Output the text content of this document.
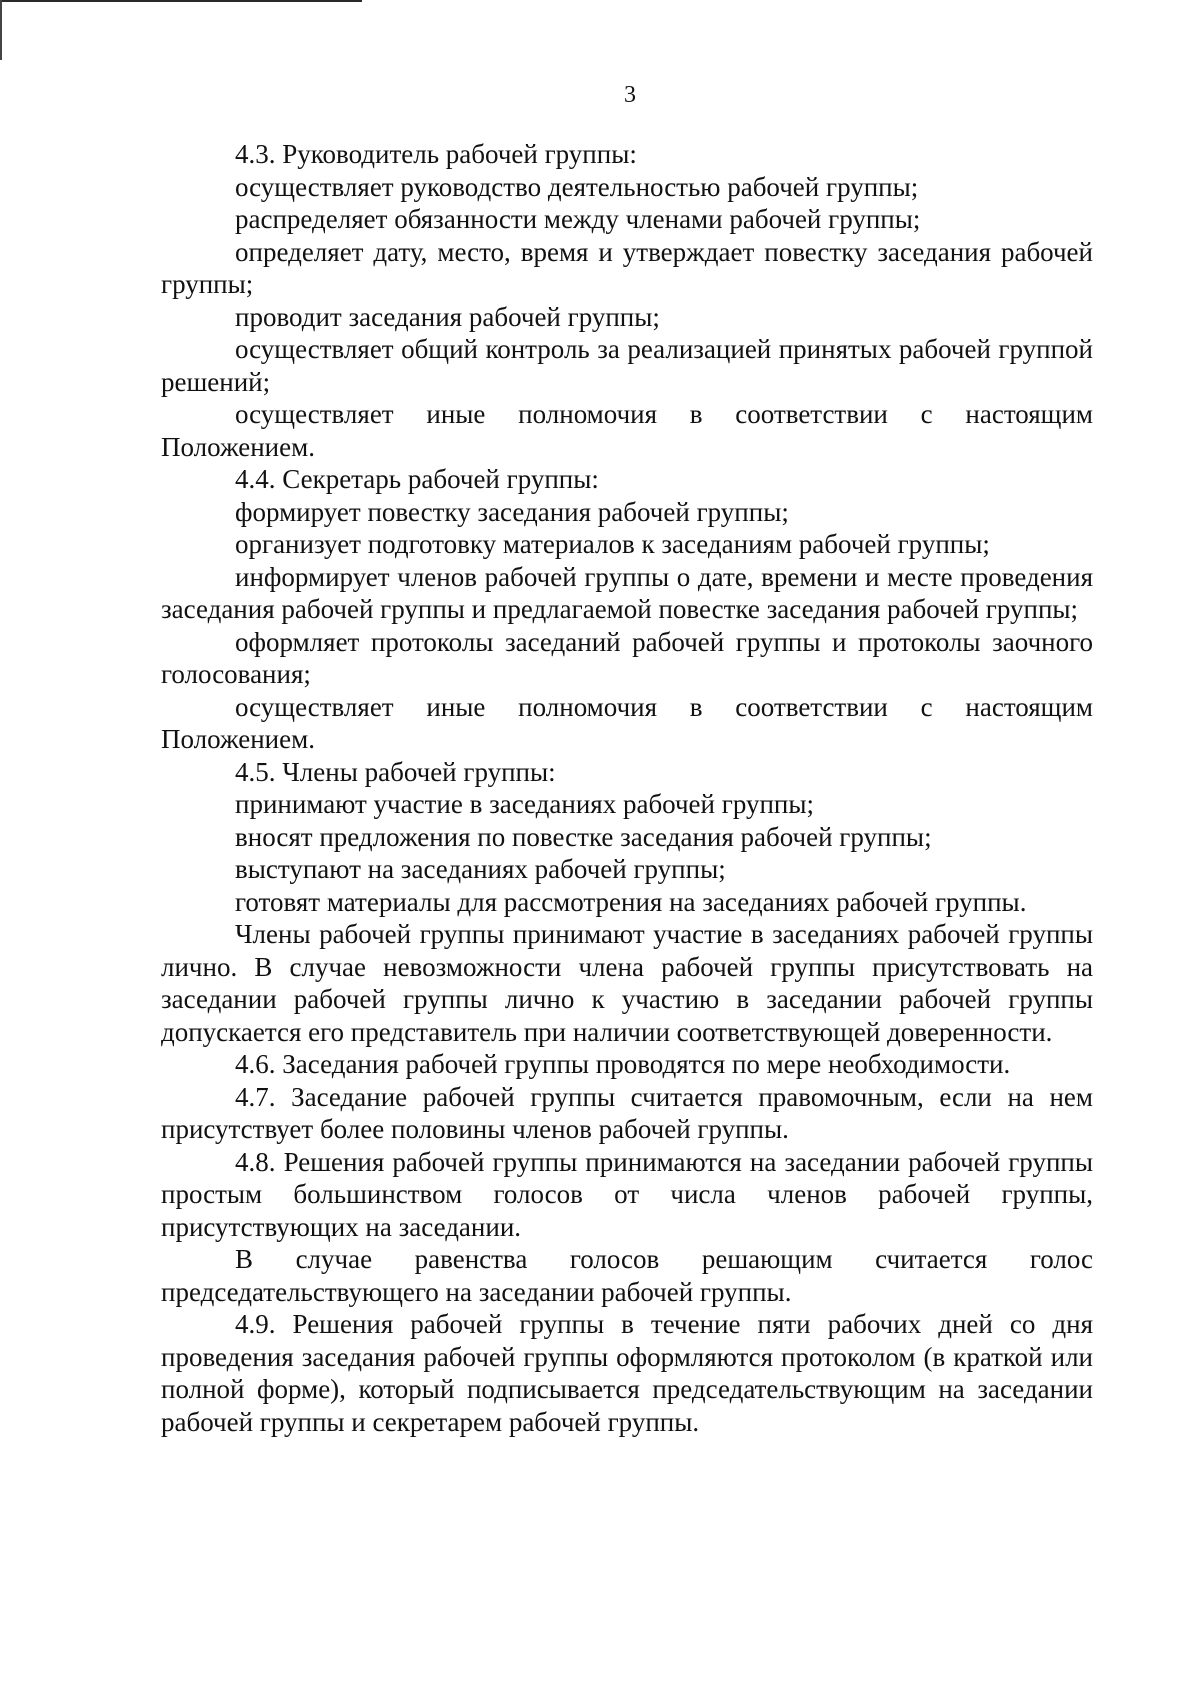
3

4.3. Руководитель рабочей группы:

осуществляет руководство деятельностью рабочей группы;

распределяет обязанности между членами рабочей группы;

определяет дату, место, время и утверждает повестку заседания рабочей группы;

проводит заседания рабочей группы;

осуществляет общий контроль за реализацией принятых рабочей группой решений;

осуществляет иные полномочия в соответствии с настоящим Положением.

4.4. Секретарь рабочей группы:

формирует повестку заседания рабочей группы;

организует подготовку материалов к заседаниям рабочей группы;

информирует членов рабочей группы о дате, времени и месте проведения заседания рабочей группы и предлагаемой повестке заседания рабочей группы;

оформляет протоколы заседаний рабочей группы и протоколы заочного голосования;

осуществляет иные полномочия в соответствии с настоящим Положением.

4.5. Члены рабочей группы:

принимают участие в заседаниях рабочей группы;

вносят предложения по повестке заседания рабочей группы;

выступают на заседаниях рабочей группы;

готовят материалы для рассмотрения на заседаниях рабочей группы.

Члены рабочей группы принимают участие в заседаниях рабочей группы лично. В случае невозможности члена рабочей группы присутствовать на заседании рабочей группы лично к участию в заседании рабочей группы допускается его представитель при наличии соответствующей доверенности.

4.6. Заседания рабочей группы проводятся по мере необходимости.

4.7. Заседание рабочей группы считается правомочным, если на нем присутствует более половины членов рабочей группы.

4.8. Решения рабочей группы принимаются на заседании рабочей группы простым большинством голосов от числа членов рабочей группы, присутствующих на заседании.

В случае равенства голосов решающим считается голос председательствующего на заседании рабочей группы.

4.9. Решения рабочей группы в течение пяти рабочих дней со дня проведения заседания рабочей группы оформляются протоколом (в краткой или полной форме), который подписывается председательствующим на заседании рабочей группы и секретарем рабочей группы.
